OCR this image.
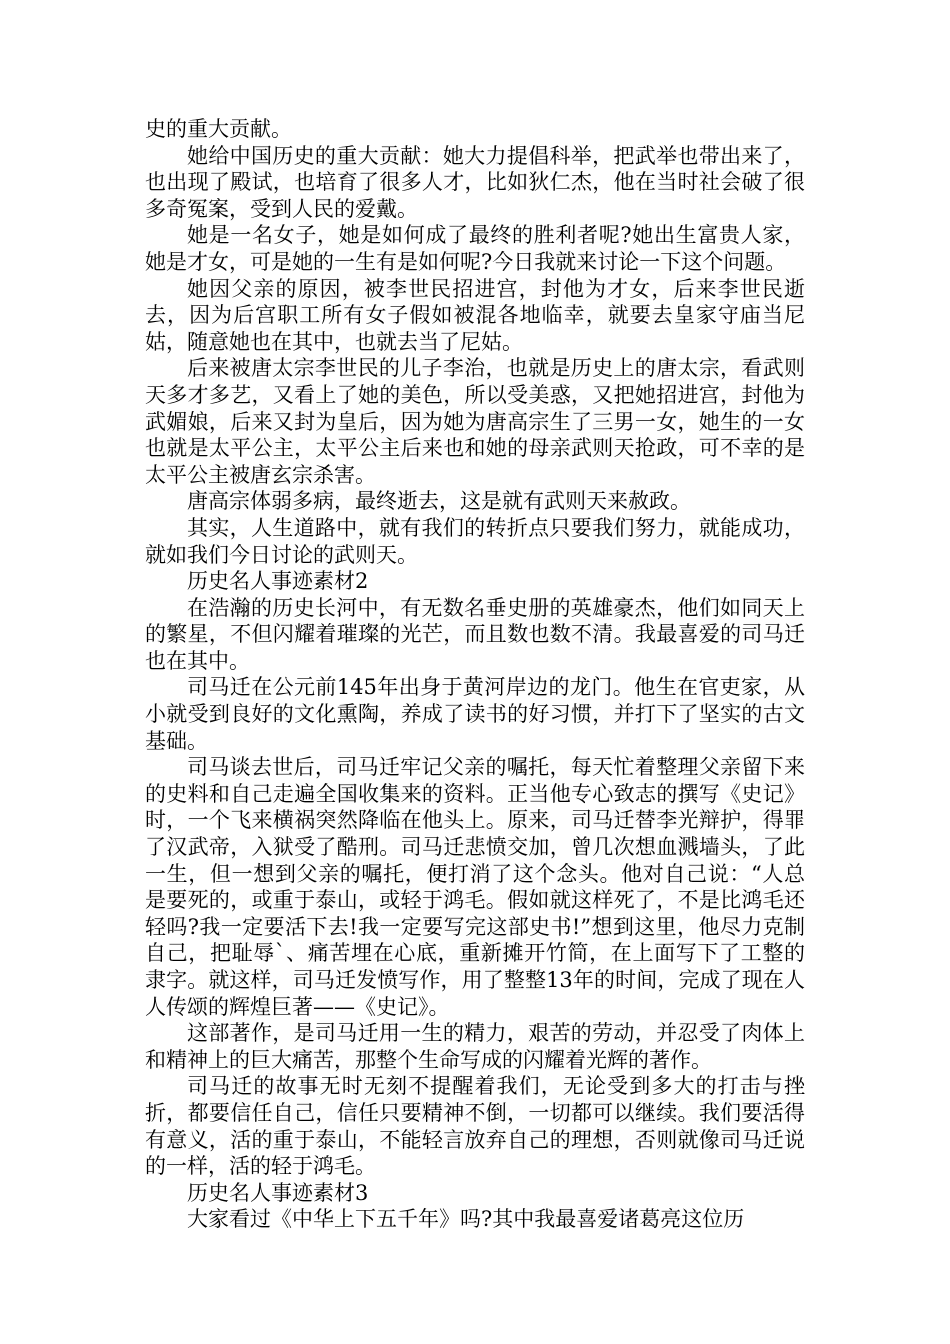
史的重大贡献。

她给中国历史的重大贡献：她大力提倡科举，把武举也带出来了，也出现了殿试，也培育了很多人才，比如狄仁杰，他在当时社会破了很多奇冤案，受到人民的爱戴。

她是一名女子，她是如何成了最终的胜利者呢?她出生富贵人家，她是才女，可是她的一生有是如何呢?今日我就来讨论一下这个问题。

她因父亲的原因，被李世民招进宫，封他为才女，后来李世民逝去，因为后宫职工所有女子假如被混各地临幸，就要去皇家守庙当尼姑，随意她也在其中，也就去当了尼姑。

后来被唐太宗李世民的儿子李治，也就是历史上的唐太宗，看武则天多才多艺，又看上了她的美色，所以受美惑，又把她招进宫，封他为武媚娘，后来又封为皇后，因为她为唐高宗生了三男一女，她生的一女也就是太平公主，太平公主后来也和她的母亲武则天抢政，可不幸的是太平公主被唐玄宗杀害。

唐高宗体弱多病，最终逝去，这是就有武则天来赦政。

其实，人生道路中，就有我们的转折点只要我们努力，就能成功，就如我们今日讨论的武则天。

历史名人事迹素材2

在浩瀚的历史长河中，有无数名垂史册的英雄豪杰，他们如同天上的繁星，不但闪耀着璀璨的光芒，而且数也数不清。我最喜爱的司马迁也在其中。

司马迁在公元前145年出身于黄河岸边的龙门。他生在官吏家，从小就受到良好的文化熏陶，养成了读书的好习惯，并打下了坚实的古文基础。

司马谈去世后，司马迁牢记父亲的嘱托，每天忙着整理父亲留下来的史料和自己走遍全国收集来的资料。正当他专心致志的撰写《史记》时，一个飞来横祸突然降临在他头上。原来，司马迁替李光辩护，得罪了汉武帝，入狱受了酷刑。司马迁悲愤交加，曾几次想血溅墙头，了此一生，但一想到父亲的嘱托，便打消了这个念头。他对自己说：“人总是要死的，或重于泰山，或轻于鸿毛。假如就这样死了，不是比鸿毛还轻吗?我一定要活下去!我一定要写完这部史书!”想到这里，他尽力克制自己，把耻辱`、痛苦埋在心底，重新摊开竹简，在上面写下了工整的隶字。就这样，司马迁发愤写作，用了整整13年的时间，完成了现在人人传颂的辉煌巨著——《史记》。

这部著作，是司马迁用一生的精力，艰苦的劳动，并忍受了肉体上和精神上的巨大痛苦，那整个生命写成的闪耀着光辉的著作。

司马迁的故事无时无刻不提醒着我们，无论受到多大的打击与挫折，都要信任自己，信任只要精神不倒，一切都可以继续。我们要活得有意义，活的重于泰山，不能轻言放弃自己的理想，否则就像司马迁说的一样，活的轻于鸿毛。

历史名人事迹素材3

大家看过《中华上下五千年》吗?其中我最喜爱诸葛亮这位历
